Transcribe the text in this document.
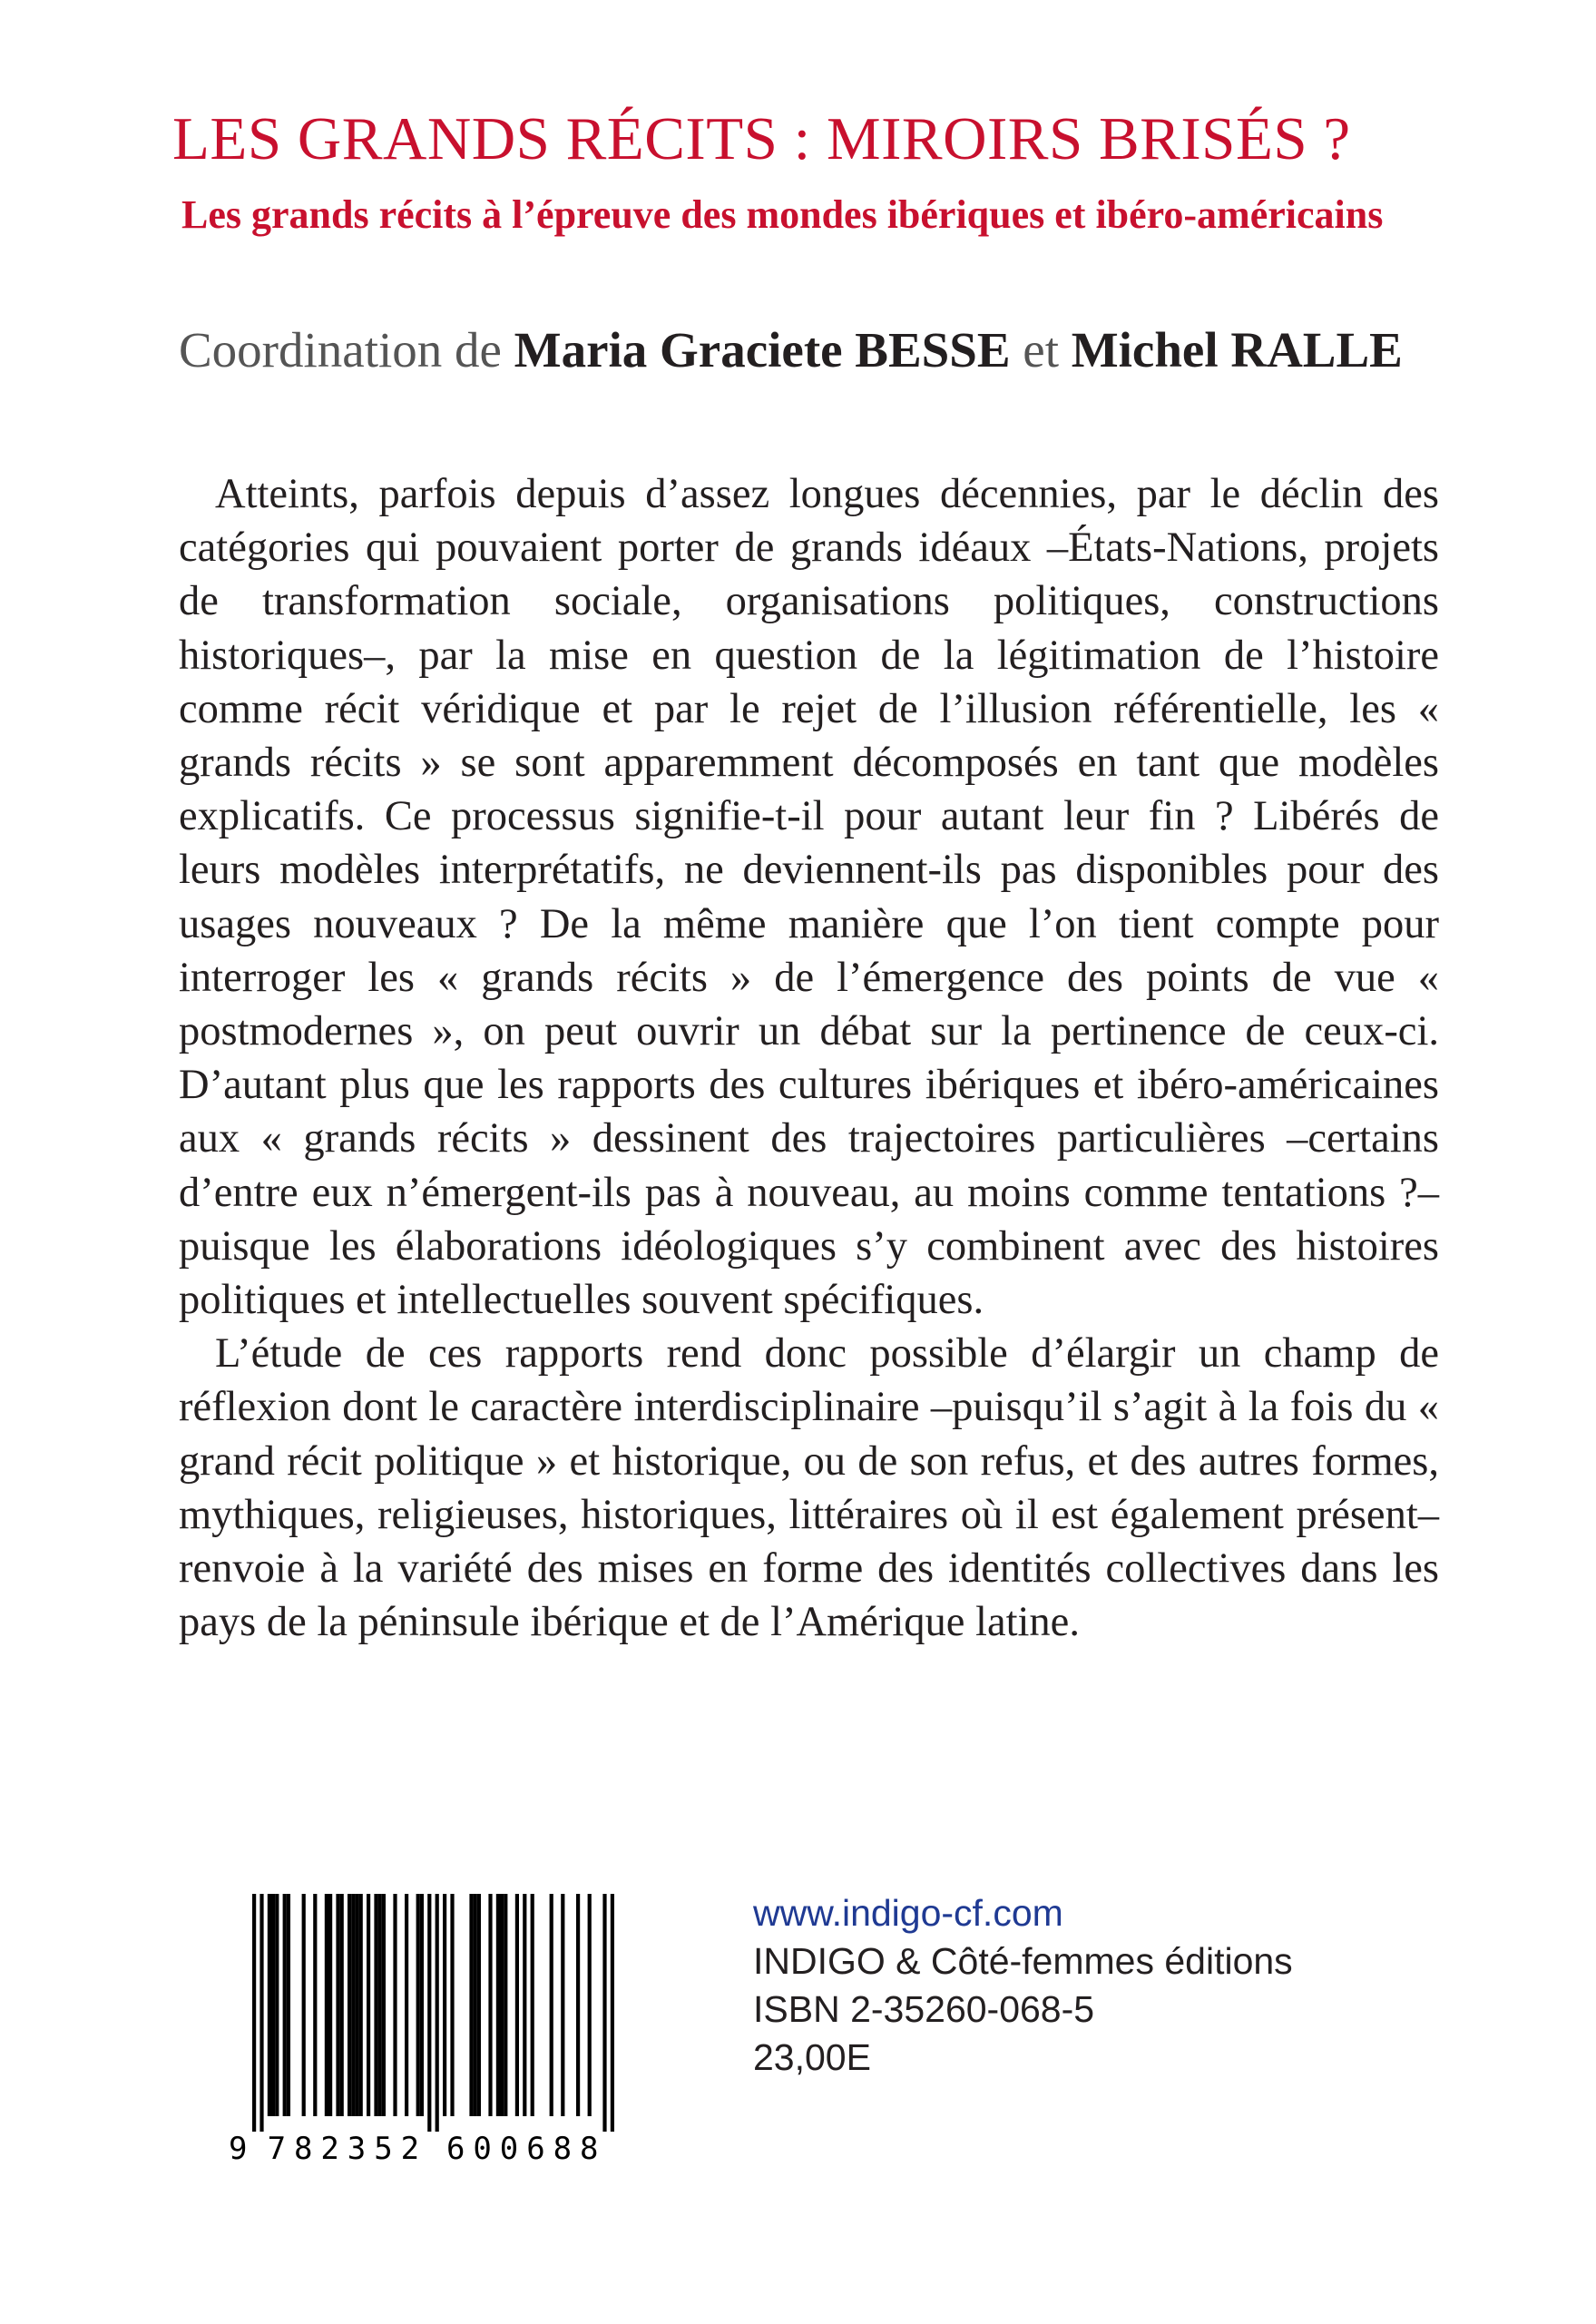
LES GRANDS RÉCITS : MIROIRS BRISÉS ?
Les grands récits à l’épreuve des mondes ibériques et ibéro-américains
Coordination de Maria Graciete BESSE et Michel RALLE

Atteints, parfois depuis d’assez longues décennies, par le déclin des catégories qui pouvaient porter de grands idéaux –États-Nations, projets de transformation sociale, organisations politiques, constructions historiques–, par la mise en question de la légitimation de l’histoire comme récit véridique et par le rejet de l’illusion référentielle, les « grands récits » se sont apparemment décomposés en tant que modèles explicatifs. Ce processus signifie-t-il pour autant leur fin ? Libérés de leurs modèles interprétatifs, ne deviennent-ils pas disponibles pour des usages nouveaux ? De la même manière que l’on tient compte pour interroger les « grands récits » de l’émergence des points de vue « postmodernes », on peut ouvrir un débat sur la pertinence de ceux-ci. D’autant plus que les rapports des cultures ibériques et ibéro-américaines aux « grands récits » dessinent des trajectoires particulières –certains d’entre eux n’émergent-ils pas à nouveau, au moins comme tentations ?– puisque les élaborations idéologiques s’y combinent avec des histoires politiques et intellectuelles souvent spécifiques.

L’étude de ces rapports rend donc possible d’élargir un champ de réflexion dont le caractère interdisciplinaire –puisqu’il s’agit à la fois du « grand récit politique » et historique, ou de son refus, et des autres formes, mythiques, religieuses, historiques, littéraires où il est également présent– renvoie à la variété des mises en forme des identités collectives dans les pays de la péninsule ibérique et de l’Amérique latine.

9 7	6
8	0
2	0
3	6
5	8
2	8
www.indigo-cf.com
INDIGO & Côté-femmes éditions
ISBN 2-35260-068-5
23,00E
